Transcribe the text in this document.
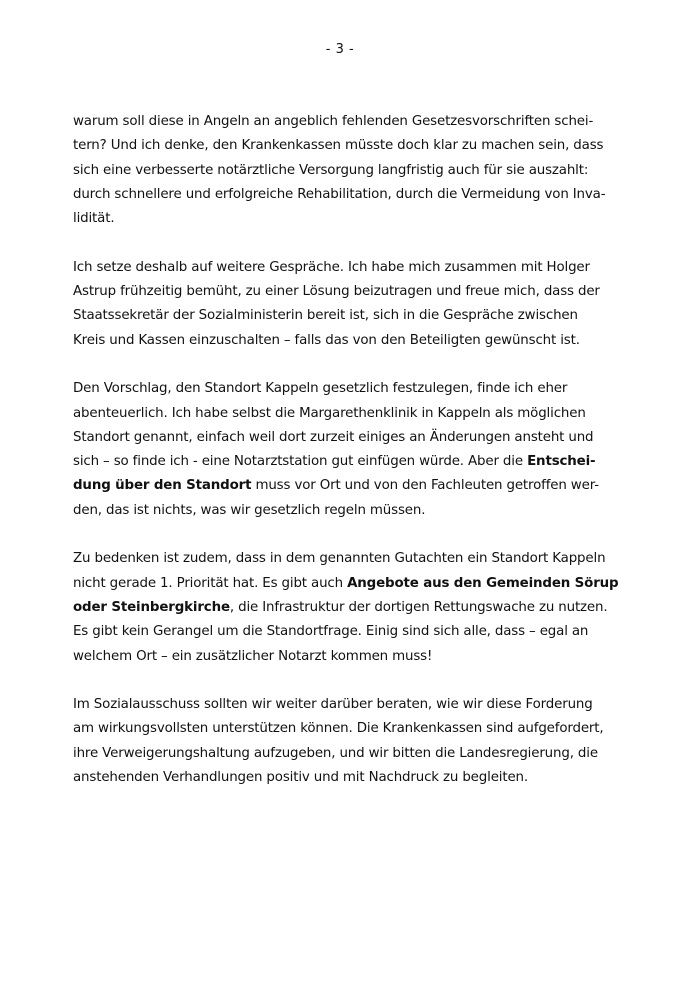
- 3 -

warum soll diese in Angeln an angeblich fehlenden Gesetzesvorschriften schei-
tern? Und ich denke, den Krankenkassen müsste doch klar zu machen sein, dass
sich eine verbesserte notärztliche Versorgung langfristig auch für sie auszahlt:
durch schnellere und erfolgreiche Rehabilitation, durch die Vermeidung von Inva-
lidität.

Ich setze deshalb auf weitere Gespräche. Ich habe mich zusammen mit Holger
Astrup frühzeitig bemüht, zu einer Lösung beizutragen und freue mich, dass der
Staatssekretär der Sozialministerin bereit ist, sich in die Gespräche zwischen
Kreis und Kassen einzuschalten – falls das von den Beteiligten gewünscht ist.

Den Vorschlag, den Standort Kappeln gesetzlich festzulegen, finde ich eher
abenteuerlich. Ich habe selbst die Margarethenklinik in Kappeln als möglichen
Standort genannt, einfach weil dort zurzeit einiges an Änderungen ansteht und
sich – so finde ich - eine Notarztstation gut einfügen würde. Aber die Entschei-
dung über den Standort muss vor Ort und von den Fachleuten getroffen wer-
den, das ist nichts, was wir gesetzlich regeln müssen.

Zu bedenken ist zudem, dass in dem genannten Gutachten ein Standort Kappeln
nicht gerade 1. Priorität hat. Es gibt auch Angebote aus den Gemeinden Sörup
oder Steinbergkirche, die Infrastruktur der dortigen Rettungswache zu nutzen.
Es gibt kein Gerangel um die Standortfrage. Einig sind sich alle, dass – egal an
welchem Ort – ein zusätzlicher Notarzt kommen muss!

Im Sozialausschuss sollten wir weiter darüber beraten, wie wir diese Forderung
am wirkungsvollsten unterstützen können. Die Krankenkassen sind aufgefordert,
ihre Verweigerungshaltung aufzugeben, und wir bitten die Landesregierung, die
anstehenden Verhandlungen positiv und mit Nachdruck zu begleiten.
